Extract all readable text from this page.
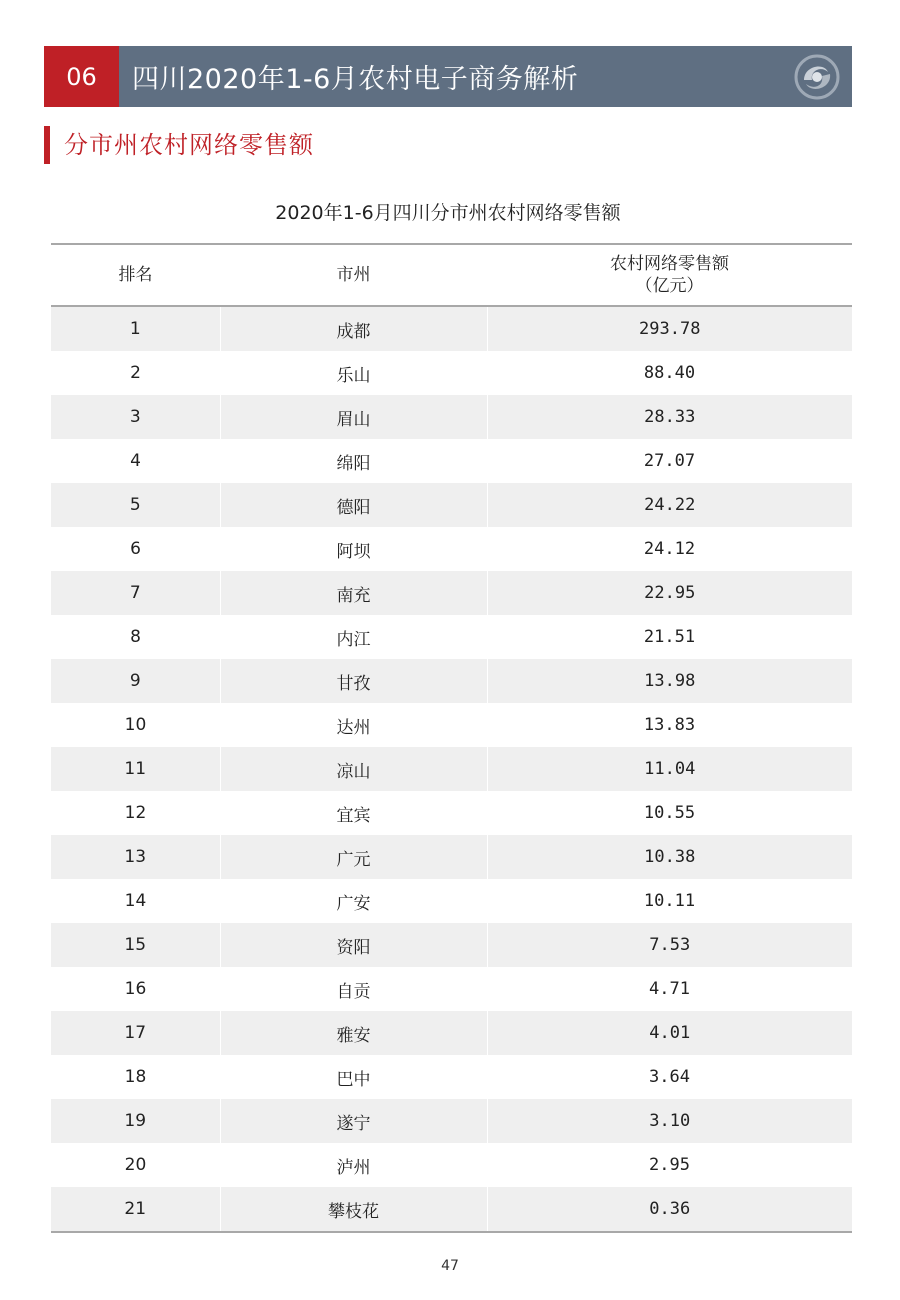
06	四川2020年1-6月农村电子商务解析
分市州农村网络零售额
2020年1-6月四川分市州农村网络零售额
排名	市州	农村网络零售额
（亿元）

1	成都	293.78
2	乐山	88.40
3	眉山	28.33
4	绵阳	27.07
5	德阳	24.22
6	阿坝	24.12
7	南充	22.95
8	内江	21.51
9	甘孜	13.98
10	达州	13.83
11	凉山	11.04
12	宜宾	10.55
13	广元	10.38
14	广安	10.11
15	资阳	7.53
16	自贡	4.71
17	雅安	4.01
18	巴中	3.64
19	遂宁	3.10
20	泸州	2.95
21	攀枝花	0.36
47
